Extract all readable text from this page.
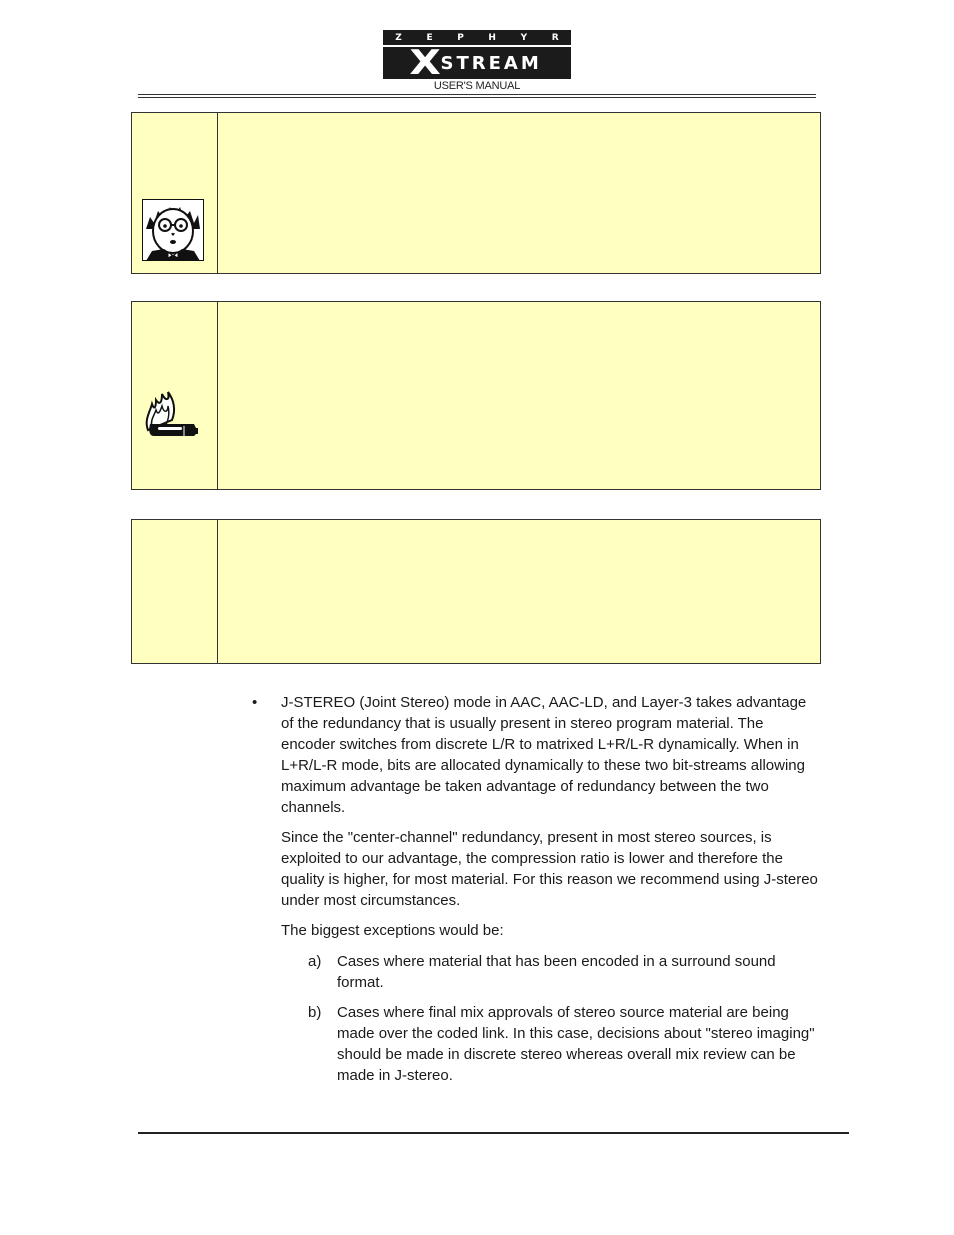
Z	E	P	H	Y	R
X STREAM
USER'S MANUAL
• J-STEREO (Joint Stereo) mode in AAC, AAC-LD, and Layer-3 takes advantage of the redundancy that is usually present in stereo program material. The encoder switches from discrete L/R to matrixed L+R/L-R dynamically. When in L+R/L-R mode, bits are allocated dynamically to these two bit-streams allowing maximum advantage be taken advantage of redundancy between the two channels.
Since the "center-channel" redundancy, present in most stereo sources, is exploited to our advantage, the compression ratio is lower and therefore the quality is higher, for most material. For this reason we recommend using J-stereo under most circumstances.
The biggest exceptions would be:
a) Cases where material that has been encoded in a surround sound format.
b) Cases where final mix approvals of stereo source material are being made over the coded link. In this case, decisions about "stereo imaging" should be made in discrete stereo whereas overall mix review can be made in J-stereo.
